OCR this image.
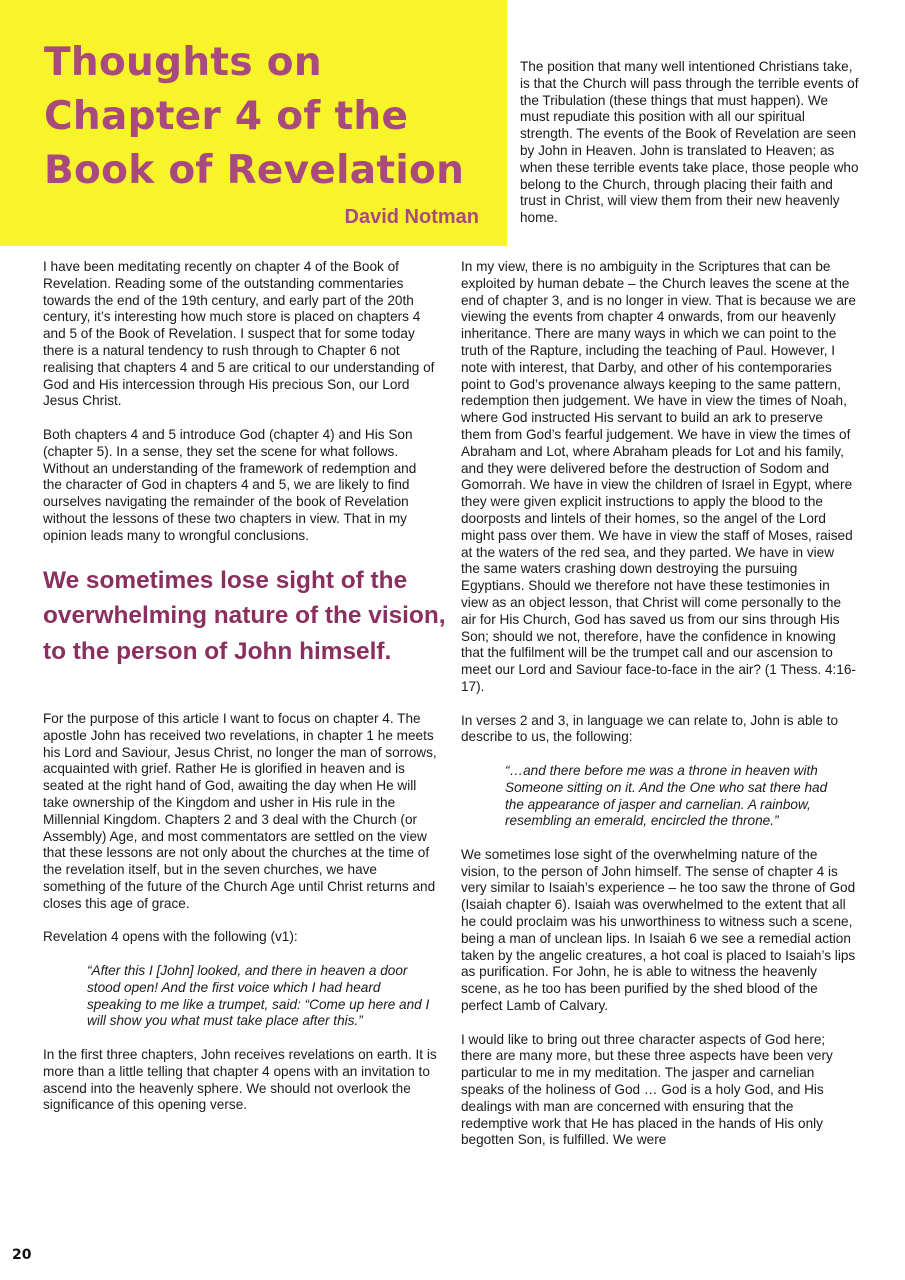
Thoughts on Chapter 4 of the Book of Revelation
David Notman

The position that many well intentioned Christians take, is that the Church will pass through the terrible events of the Tribulation (these things that must happen). We must repudiate this position with all our spiritual strength. The events of the Book of Revelation are seen by John in Heaven. John is translated to Heaven; as when these terrible events take place, those people who belong to the Church, through placing their faith and trust in Christ, will view them from their new heavenly home.

I have been meditating recently on chapter 4 of the Book of Revelation. Reading some of the outstanding commentaries towards the end of the 19th century, and early part of the 20th century, it’s interesting how much store is placed on chapters 4 and 5 of the Book of Revelation. I suspect that for some today there is a natural tendency to rush through to Chapter 6 not realising that chapters 4 and 5 are critical to our understanding of God and His intercession through His precious Son, our Lord Jesus Christ.

Both chapters 4 and 5 introduce God (chapter 4) and His Son (chapter 5). In a sense, they set the scene for what follows. Without an understanding of the framework of redemption and the character of God in chapters 4 and 5, we are likely to find ourselves navigating the remainder of the book of Revelation without the lessons of these two chapters in view. That in my opinion leads many to wrongful conclusions.

We sometimes lose sight of the overwhelming nature of the vision, to the person of John himself.

For the purpose of this article I want to focus on chapter 4. The apostle John has received two revelations, in chapter 1 he meets his Lord and Saviour, Jesus Christ, no longer the man of sorrows, acquainted with grief. Rather He is glorified in heaven and is seated at the right hand of God, awaiting the day when He will take ownership of the Kingdom and usher in His rule in the Millennial Kingdom. Chapters 2 and 3 deal with the Church (or Assembly) Age, and most commentators are settled on the view that these lessons are not only about the churches at the time of the revelation itself, but in the seven churches, we have something of the future of the Church Age until Christ returns and closes this age of grace.

Revelation 4 opens with the following (v1):

“After this I [John] looked, and there in heaven a door stood open! And the first voice which I had heard speaking to me like a trumpet, said: “Come up here and I will show you what must take place after this.”

In the first three chapters, John receives revelations on earth. It is more than a little telling that chapter 4 opens with an invitation to ascend into the heavenly sphere. We should not overlook the significance of this opening verse.

In my view, there is no ambiguity in the Scriptures that can be exploited by human debate – the Church leaves the scene at the end of chapter 3, and is no longer in view. That is because we are viewing the events from chapter 4 onwards, from our heavenly inheritance. There are many ways in which we can point to the truth of the Rapture, including the teaching of Paul. However, I note with interest, that Darby, and other of his contemporaries point to God’s provenance always keeping to the same pattern, redemption then judgement. We have in view the times of Noah, where God instructed His servant to build an ark to preserve them from God’s fearful judgement. We have in view the times of Abraham and Lot, where Abraham pleads for Lot and his family, and they were delivered before the destruction of Sodom and Gomorrah. We have in view the children of Israel in Egypt, where they were given explicit instructions to apply the blood to the doorposts and lintels of their homes, so the angel of the Lord might pass over them. We have in view the staff of Moses, raised at the waters of the red sea, and they parted. We have in view the same waters crashing down destroying the pursuing Egyptians. Should we therefore not have these testimonies in view as an object lesson, that Christ will come personally to the air for His Church, God has saved us from our sins through His Son; should we not, therefore, have the confidence in knowing that the fulfilment will be the trumpet call and our ascension to meet our Lord and Saviour face-to-face in the air? (1 Thess. 4:16-17).

In verses 2 and 3, in language we can relate to, John is able to describe to us, the following:

“…and there before me was a throne in heaven with Someone sitting on it. And the One who sat there had the appearance of jasper and carnelian. A rainbow, resembling an emerald, encircled the throne.”

We sometimes lose sight of the overwhelming nature of the vision, to the person of John himself. The sense of chapter 4 is very similar to Isaiah’s experience – he too saw the throne of God (Isaiah chapter 6). Isaiah was overwhelmed to the extent that all he could proclaim was his unworthiness to witness such a scene, being a man of unclean lips. In Isaiah 6 we see a remedial action taken by the angelic creatures, a hot coal is placed to Isaiah’s lips as purification. For John, he is able to witness the heavenly scene, as he too has been purified by the shed blood of the perfect Lamb of Calvary.

I would like to bring out three character aspects of God here; there are many more, but these three aspects have been very particular to me in my meditation. The jasper and carnelian speaks of the holiness of God … God is a holy God, and His dealings with man are concerned with ensuring that the redemptive work that He has placed in the hands of His only begotten Son, is fulfilled. We were

20
